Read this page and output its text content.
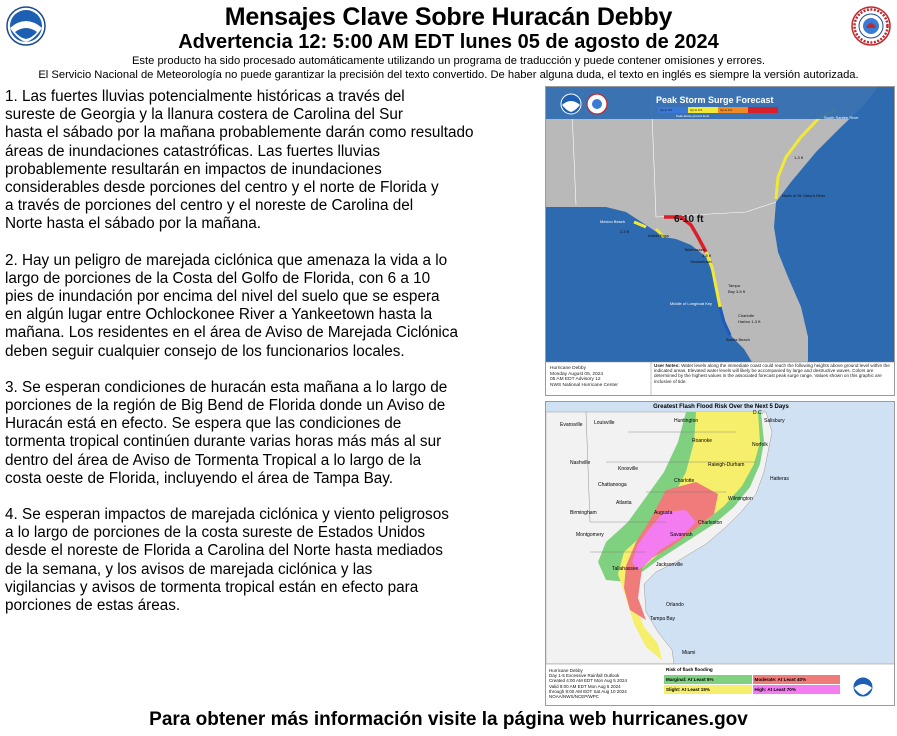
Mensajes Clave Sobre Huracán Debby
Advertencia 12: 5:00 AM EDT lunes 05 de agosto de 2024
Este producto ha sido procesado automáticamente utilizando un programa de traducción y puede contener omisiones y errores.
El Servicio Nacional de Meteorología no puede garantizar la precisión del texto convertido. De haber alguna duda, el texto en inglés es siempre la versión autorizada.

1. Las fuertes lluvias potencialmente históricas a través del
sureste de Georgia y la llanura costera de Carolina del Sur
hasta el sábado por la mañana probablemente darán como resultado
áreas de inundaciones catastróficas. Las fuertes lluvias
probablemente resultarán en impactos de inundaciones
considerables desde porciones del centro y el norte de Florida y
a través de porciones del centro y el noreste de Carolina del
Norte hasta el sábado por la mañana.

2. Hay un peligro de marejada ciclónica que amenaza la vida a lo
largo de porciones de la Costa del Golfo de Florida, con 6 a 10
pies de inundación por encima del nivel del suelo que se espera
en algún lugar entre Ochlockonee River a Yankeetown hasta la
mañana. Los residentes en el área de Aviso de Marejada Ciclónica
deben seguir cualquier consejo de los funcionarios locales.

3. Se esperan condiciones de huracán esta mañana a lo largo de
porciones de la región de Big Bend de Florida donde un Aviso de
Huracán está en efecto. Se espera que las condiciones de
tormenta tropical continúen durante varias horas más más al sur
dentro del área de Aviso de Tormenta Tropical a lo largo de la
costa oeste de Florida, incluyendo el área de Tampa Bay.

4. Se esperan impactos de marejada ciclónica y viento peligrosos
a lo largo de porciones de la costa sureste de Estados Unidos
desde el noreste de Florida a Carolina del Norte hasta mediados
de la semana, y los avisos de marejada ciclónica y las
vigilancias y avisos de tormenta tropical están en efecto para
porciones de estas áreas.

Peak Storm Surge Forecast
Up to 3 ft	Up to 6 ft	Up to 9 ft
Peak above ground level
6-10 ft
South Santee River
1-3 ft
North of St. Mary's River
Mexico Beach
2-3 ft
Indian Pass
Tallahassee
Yankeetown
3-5 ft
Tampa
Bay 3-5 ft
Middle of Longboat Key
Charlotte
Harbor 1-3 ft
Bonita Beach
Hurricane Debby
Monday August 05, 2024
05 AM EDT Advisory 12
NWS National Hurricane Center
User Notes: Water levels along the immediate coast could reach the following heights above ground level within the indicated areas. Elevated water levels will likely be accompanied by large and destructive waves. Colors are determined by the highest values in the associated forecast peak surge range. Values shown on this graphic are inclusive of tide.
Greatest Flash Flood Risk Over the Next 5 Days
Evansville Louisville	Huntington
D.C.
Salisbury
Roanoke
Norfolk
Nashville
Knoxville
Raleigh-Durham
Hatteras
Chattanooga
Charlotte
Wilmington
Birmingham
Atlanta
Charleston
Augusta
Savannah
Montgomery
Tallahassee
Jacksonville
Orlando
Tampa Bay
Miami
Hurricane Debby
Day 1-5 Excessive Rainfall Outlook
Created 4:00 AM EDT Mon Aug 5 2024
Valid 8:00 AM EDT Mon Aug 5 2024
through 8:00 AM EDT Sat Aug 10 2024
NOAA/NWS/NCEP/WPC
Risk of flash flooding
Marginal: At Least 5%	Moderate: At Least 40%
Slight: At Least 15%	High: At Least 70%
Para obtener más información visite la página web hurricanes.gov
